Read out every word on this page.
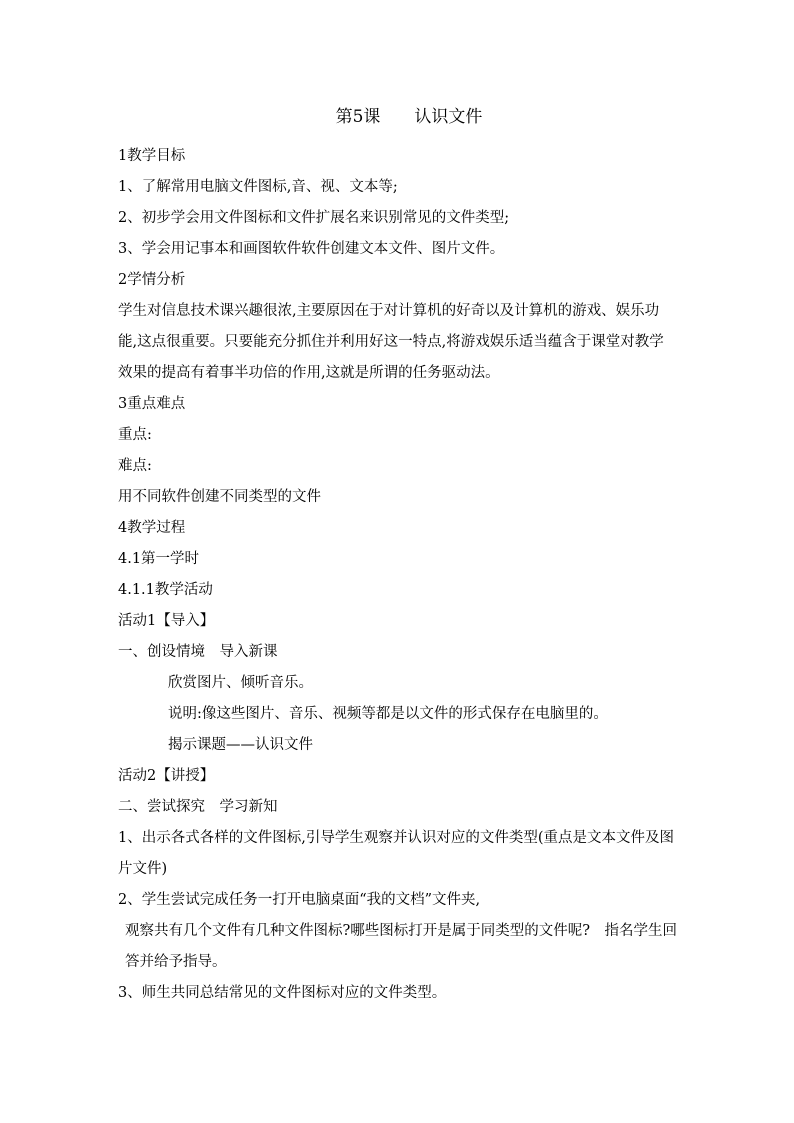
第5课　　认识文件

1教学目标

1、了解常用电脑文件图标,音、视、文本等;

2、初步学会用文件图标和文件扩展名来识别常见的文件类型;

3、学会用记事本和画图软件软件创建文本文件、图片文件。

2学情分析

学生对信息技术课兴趣很浓,主要原因在于对计算机的好奇以及计算机的游戏、娱乐功能,这点很重要。只要能充分抓住并利用好这一特点,将游戏娱乐适当蕴含于课堂对教学效果的提高有着事半功倍的作用,这就是所谓的任务驱动法。

3重点难点

重点:

难点:

用不同软件创建不同类型的文件

4教学过程

4.1第一学时

4.1.1教学活动

活动1【导入】

一、创设情境　导入新课

欣赏图片、倾听音乐。

说明:像这些图片、音乐、视频等都是以文件的形式保存在电脑里的。

揭示课题——认识文件

活动2【讲授】

二、尝试探究　学习新知

1、出示各式各样的文件图标,引导学生观察并认识对应的文件类型(重点是文本文件及图片文件)

2、学生尝试完成任务一打开电脑桌面“我的文档”文件夹,

观察共有几个文件有几种文件图标?哪些图标打开是属于同类型的文件呢?　指名学生回答并给予指导。

3、师生共同总结常见的文件图标对应的文件类型。
